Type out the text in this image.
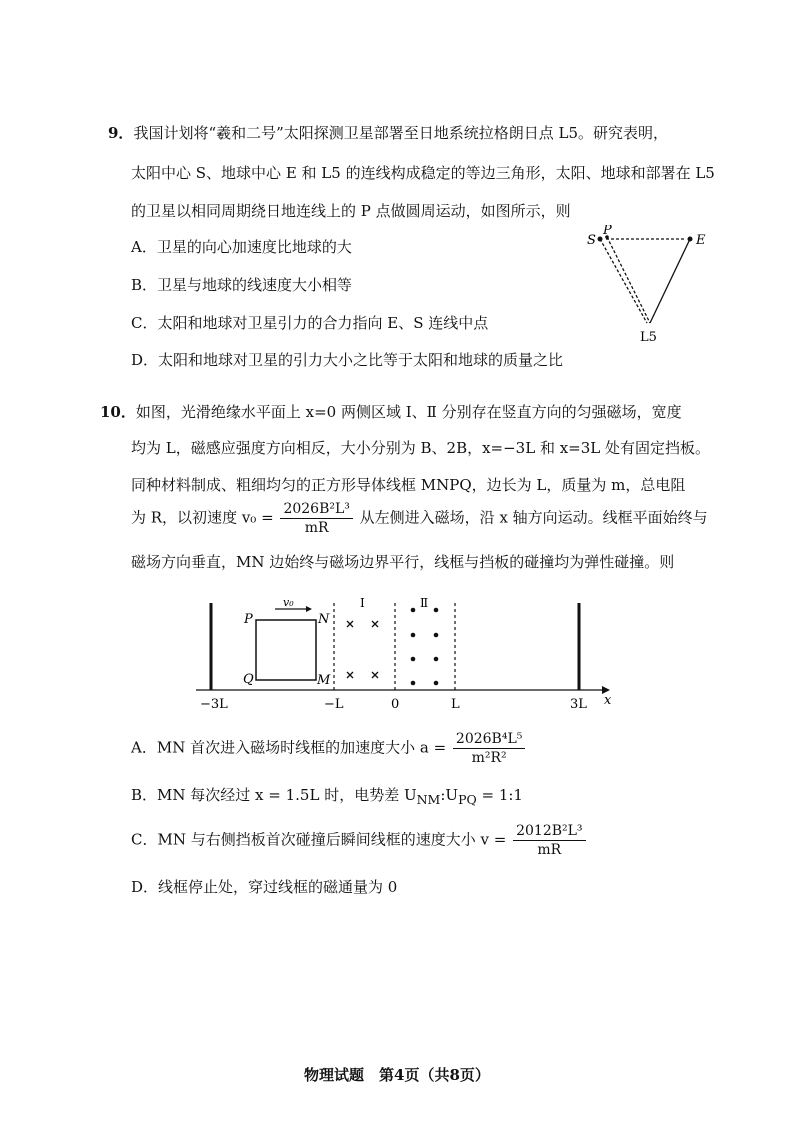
9．我国计划将“羲和二号”太阳探测卫星部署至日地系统拉格朗日点 L5。研究表明，
太阳中心 S、地球中心 E 和 L5 的连线构成稳定的等边三角形，太阳、地球和部署在 L5
的卫星以相同周期绕日地连线上的 P 点做圆周运动，如图所示，则
A．卫星的向心加速度比地球的大
B．卫星与地球的线速度大小相等
C．太阳和地球对卫星引力的合力指向 E、S 连线中点
D．太阳和地球对卫星的引力大小之比等于太阳和地球的质量之比
S
P
E
L5
10．如图，光滑绝缘水平面上 x=0 两侧区域 Ⅰ、Ⅱ 分别存在竖直方向的匀强磁场，宽度
均为 L，磁感应强度方向相反，大小分别为 B、2B，x=−3L 和 x=3L 处有固定挡板。
同种材料制成、粗细均匀的正方形导体线框 MNPQ，边长为 L，质量为 m，总电阻
为 R，以初速度 $v_0 = \frac{\text{2026B²L³}}{mR}$ 从左侧进入磁场，沿 x 轴方向运动。线框平面始终与
磁场方向垂直，MN 边始终与磁场边界平行，线框与挡板的碰撞均为弹性碰撞。则
x
Ⅰ	Ⅱ
v₀
P	N
Q	M
−3L	−L	0	L	3L
A．MN 首次进入磁场时线框的加速度大小 $a = \frac{\text{2026B⁴L⁵}}{\text{m²R²}}$
B．MN 每次经过 x = 1.5L 时，电势差 $U_{NM}:U_{PQ}$ = 1:1
C．MN 与右侧挡板首次碰撞后瞬间线框的速度大小 $v = \frac{\text{2012B²L³}}{mR}$
D．线框停止处，穿过线框的磁通量为 0
物理试题　第4页（共8页）
